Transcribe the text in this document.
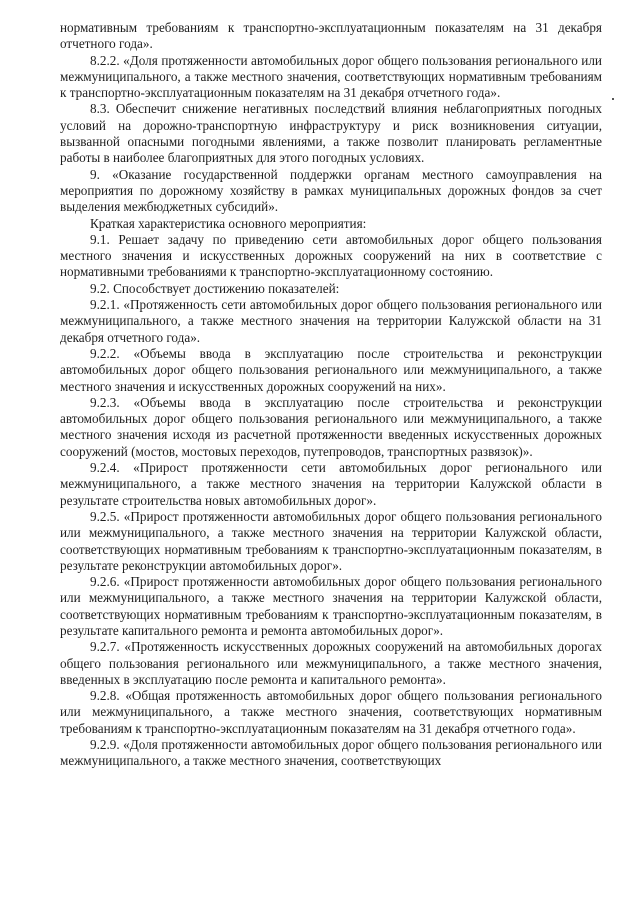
нормативным требованиям к транспортно-эксплуатационным показателям на 31 декабря отчетного года».

8.2.2. «Доля протяженности автомобильных дорог общего пользования регионального или межмуниципального, а также местного значения, соответствующих нормативным требованиям к транспортно-эксплуатационным показателям на 31 декабря отчетного года».

8.3. Обеспечит снижение негативных последствий влияния неблагоприятных погодных условий на дорожно-транспортную инфраструктуру и риск возникновения ситуации, вызванной опасными погодными явлениями, а также позволит планировать регламентные работы в наиболее благоприятных для этого погодных условиях.

9. «Оказание государственной поддержки органам местного самоуправления на мероприятия по дорожному хозяйству в рамках муниципальных дорожных фондов за счет выделения межбюджетных субсидий».

Краткая характеристика основного мероприятия:

9.1. Решает задачу по приведению сети автомобильных дорог общего пользования местного значения и искусственных дорожных сооружений на них в соответствие с нормативными требованиями к транспортно-эксплуатационному состоянию.

9.2. Способствует достижению показателей:

9.2.1. «Протяженность сети автомобильных дорог общего пользования регионального или межмуниципального, а также местного значения на территории Калужской области на 31 декабря отчетного года».

9.2.2. «Объемы ввода в эксплуатацию после строительства и реконструкции автомобильных дорог общего пользования регионального или межмуниципального, а также местного значения и искусственных дорожных сооружений на них».

9.2.3. «Объемы ввода в эксплуатацию после строительства и реконструкции автомобильных дорог общего пользования регионального или межмуниципального, а также местного значения исходя из расчетной протяженности введенных искусственных дорожных сооружений (мостов, мостовых переходов, путепроводов, транспортных развязок)».

9.2.4. «Прирост протяженности сети автомобильных дорог регионального или межмуниципального, а также местного значения на территории Калужской области в результате строительства новых автомобильных дорог».

9.2.5. «Прирост протяженности автомобильных дорог общего пользования регионального или межмуниципального, а также местного значения на территории Калужской области, соответствующих нормативным требованиям к транспортно-эксплуатационным показателям, в результате реконструкции автомобильных дорог».

9.2.6. «Прирост протяженности автомобильных дорог общего пользования регионального или межмуниципального, а также местного значения на территории Калужской области, соответствующих нормативным требованиям к транспортно-эксплуатационным показателям, в результате капитального ремонта и ремонта автомобильных дорог».

9.2.7. «Протяженность искусственных дорожных сооружений на автомобильных дорогах общего пользования регионального или межмуниципального, а также местного значения, введенных в эксплуатацию после ремонта и капитального ремонта».

9.2.8. «Общая протяженность автомобильных дорог общего пользования регионального или межмуниципального, а также местного значения, соответствующих нормативным требованиям к транспортно-эксплуатационным показателям на 31 декабря отчетного года».

9.2.9. «Доля протяженности автомобильных дорог общего пользования регионального или межмуниципального, а также местного значения, соответствующих
